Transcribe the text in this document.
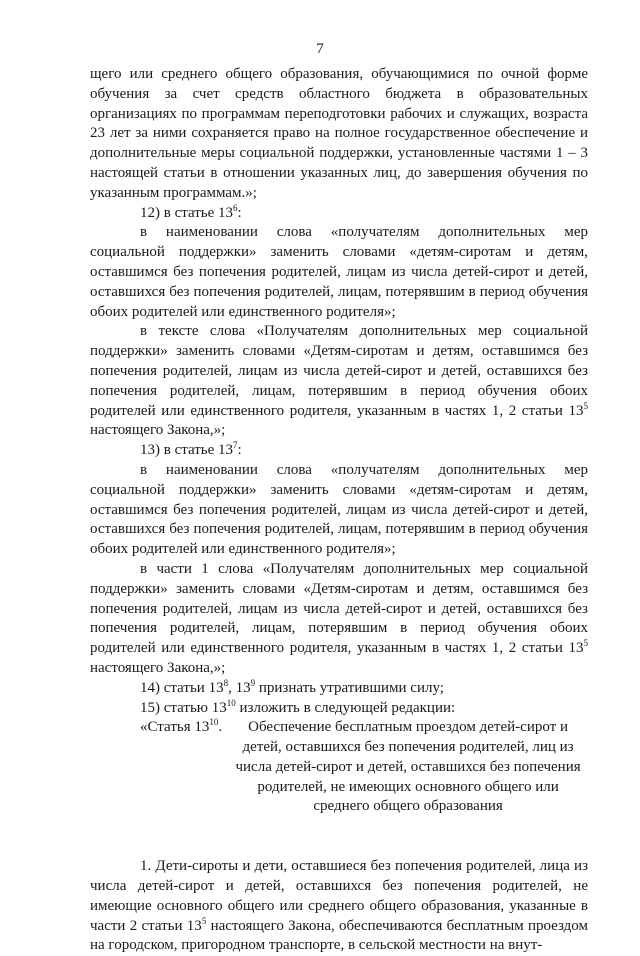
7

щего или среднего общего образования, обучающимися по очной форме обучения за счет средств областного бюджета в образовательных организациях по программам переподготовки рабочих и служащих, возраста 23 лет за ними сохраняется право на полное государственное обеспечение и дополнительные меры социальной поддержки, установленные частями 1 – 3 настоящей статьи в отношении указанных лиц, до завершения обучения по указанным программам.»;

12) в статье $13^6$:

в наименовании слова «получателям дополнительных мер социальной поддержки» заменить словами «детям-сиротам и детям, оставшимся без попечения родителей, лицам из числа детей-сирот и детей, оставшихся без попечения родителей, лицам, потерявшим в период обучения обоих родителей или единственного родителя»;

в тексте слова «Получателям дополнительных мер социальной поддержки» заменить словами «Детям-сиротам и детям, оставшимся без попечения родителей, лицам из числа детей-сирот и детей, оставшихся без попечения родителей, лицам, потерявшим в период обучения обоих родителей или единственного родителя, указанным в частях 1, 2 статьи $13^5$ настоящего Закона,»;

13) в статье $13^7$:

в наименовании слова «получателям дополнительных мер социальной поддержки» заменить словами «детям-сиротам и детям, оставшимся без попечения родителей, лицам из числа детей-сирот и детей, оставшихся без попечения родителей, лицам, потерявшим в период обучения обоих родителей или единственного родителя»;

в части 1 слова «Получателям дополнительных мер социальной поддержки» заменить словами «Детям-сиротам и детям, оставшимся без попечения родителей, лицам из числа детей-сирот и детей, оставшихся без попечения родителей, лицам, потерявшим в период обучения обоих родителей или единственного родителя, указанным в частях 1, 2 статьи $13^5$ настоящего Закона,»;

14) статьи $13^8$, $13^9$ признать утратившими силу;

15) статью $13^{10}$ изложить в следующей редакции:

«Статья $13^{10}$.	Обеспечение бесплатным проездом детей-сирот и детей, оставшихся без попечения родителей, лиц из числа детей-сирот и детей, оставшихся без попечения родителей, не имеющих основного общего или среднего общего образования

1. Дети-сироты и дети, оставшиеся без попечения родителей, лица из числа детей-сирот и детей, оставшихся без попечения родителей, не имеющие основного общего или среднего общего образования, указанные в части 2 статьи $13^5$ настоящего Закона, обеспечиваются бесплатным проездом на городском, пригородном транспорте, в сельской местности на внут-
